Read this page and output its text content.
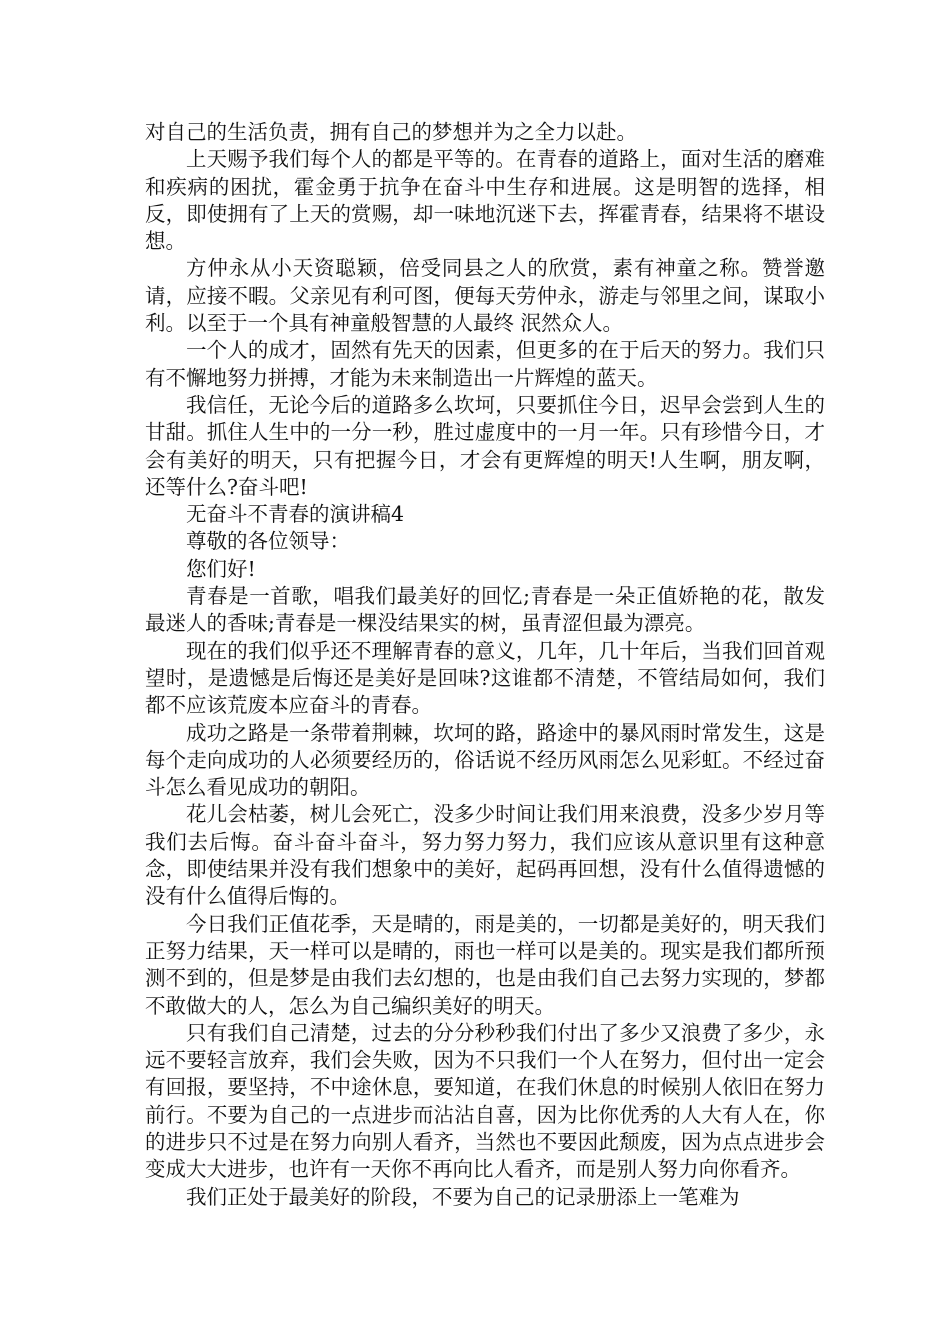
对自己的生活负责，拥有自己的梦想并为之全力以赴。

上天赐予我们每个人的都是平等的。在青春的道路上，面对生活的磨难和疾病的困扰，霍金勇于抗争在奋斗中生存和进展。这是明智的选择，相反，即使拥有了上天的赏赐，却一味地沉迷下去，挥霍青春，结果将不堪设想。

方仲永从小天资聪颖，倍受同县之人的欣赏，素有神童之称。赞誉邀请，应接不暇。父亲见有利可图，便每天劳仲永，游走与邻里之间，谋取小利。以至于一个具有神童般智慧的人最终 泯然众人。

一个人的成才，固然有先天的因素，但更多的在于后天的努力。我们只有不懈地努力拼搏，才能为未来制造出一片辉煌的蓝天。

我信任，无论今后的道路多么坎坷，只要抓住今日，迟早会尝到人生的甘甜。抓住人生中的一分一秒，胜过虚度中的一月一年。只有珍惜今日，才会有美好的明天，只有把握今日，才会有更辉煌的明天!人生啊，朋友啊，还等什么?奋斗吧!

无奋斗不青春的演讲稿4

尊敬的各位领导：

您们好!

青春是一首歌，唱我们最美好的回忆;青春是一朵正值娇艳的花，散发最迷人的香味;青春是一棵没结果实的树，虽青涩但最为漂亮。

现在的我们似乎还不理解青春的意义，几年，几十年后，当我们回首观望时，是遗憾是后悔还是美好是回味?这谁都不清楚，不管结局如何，我们都不应该荒废本应奋斗的青春。

成功之路是一条带着荆棘，坎坷的路，路途中的暴风雨时常发生，这是每个走向成功的人必须要经历的，俗话说不经历风雨怎么见彩虹。不经过奋斗怎么看见成功的朝阳。

花儿会枯萎，树儿会死亡，没多少时间让我们用来浪费，没多少岁月等我们去后悔。奋斗奋斗奋斗，努力努力努力，我们应该从意识里有这种意念，即使结果并没有我们想象中的美好，起码再回想，没有什么值得遗憾的没有什么值得后悔的。

今日我们正值花季，天是晴的，雨是美的，一切都是美好的，明天我们正努力结果，天一样可以是晴的，雨也一样可以是美的。现实是我们都所预测不到的，但是梦是由我们去幻想的，也是由我们自己去努力实现的，梦都不敢做大的人，怎么为自己编织美好的明天。

只有我们自己清楚，过去的分分秒秒我们付出了多少又浪费了多少，永远不要轻言放弃，我们会失败，因为不只我们一个人在努力，但付出一定会有回报，要坚持，不中途休息，要知道，在我们休息的时候别人依旧在努力前行。不要为自己的一点进步而沾沾自喜，因为比你优秀的人大有人在，你的进步只不过是在努力向别人看齐，当然也不要因此颓废，因为点点进步会变成大大进步，也许有一天你不再向比人看齐，而是别人努力向你看齐。

我们正处于最美好的阶段，不要为自己的记录册添上一笔难为
